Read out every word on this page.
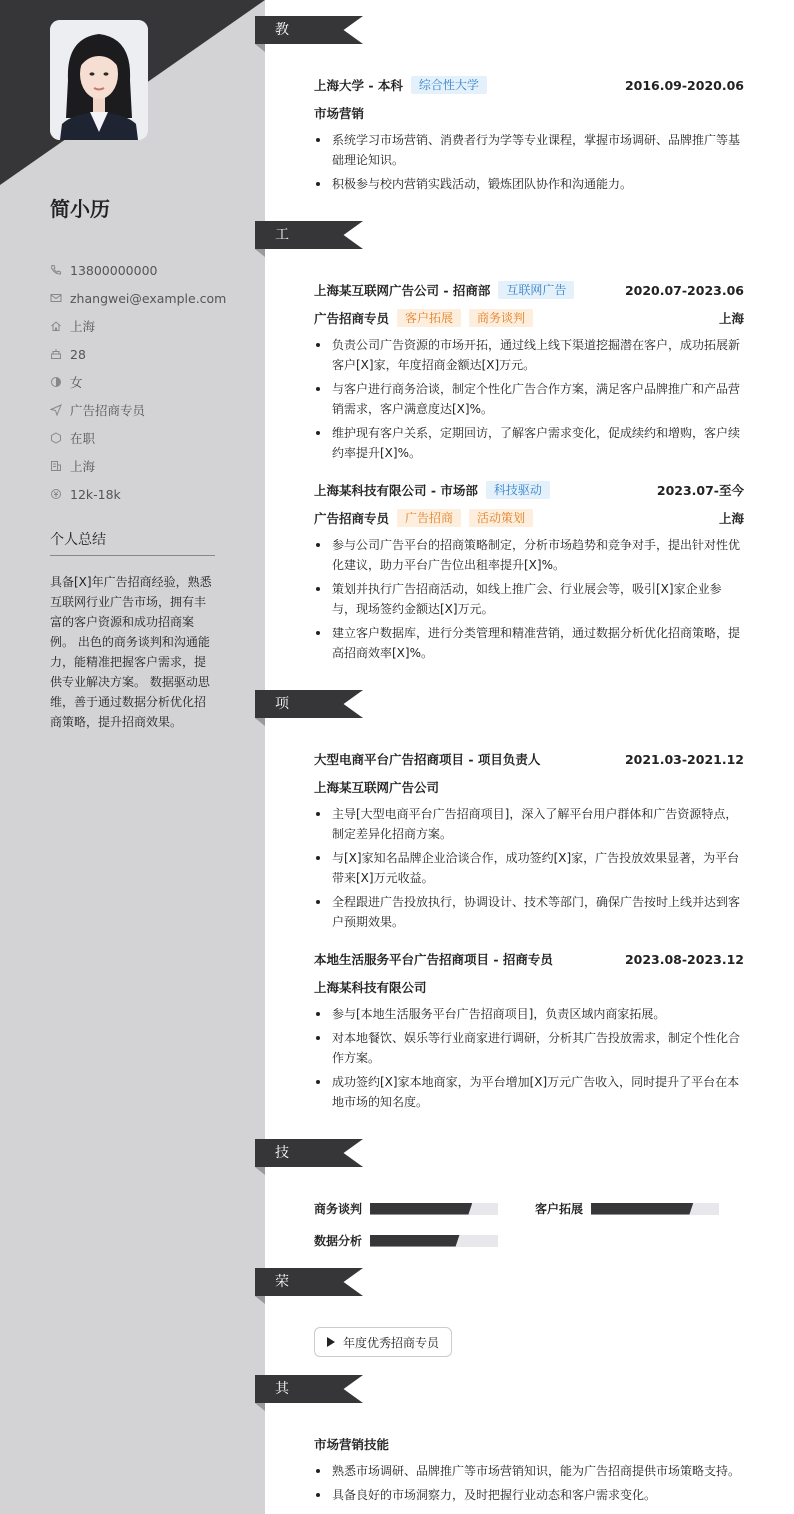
简小历
13800000000
zhangwei@example.com
上海
28
女
广告招商专员
在职
上海
12k-18k
个人总结
具备[X]年广告招商经验，熟悉互联网行业广告市场，拥有丰富的客户资源和成功招商案例。 出色的商务谈判和沟通能力，能精准把握客户需求，提供专业解决方案。 数据驱动思维，善于通过数据分析优化招商策略，提升招商效果。
教育经历
上海大学 - 本科	综合性大学	2016.09-2020.06
市场营销
系统学习市场营销、消费者行为学等专业课程，掌握市场调研、品牌推广等基础理论知识。
积极参与校内营销实践活动，锻炼团队协作和沟通能力。
工作经历
上海某互联网广告公司 - 招商部	互联网广告	2020.07-2023.06
广告招商专员	客户拓展	商务谈判	上海
负责公司广告资源的市场开拓，通过线上线下渠道挖掘潜在客户，成功拓展新客户[X]家，年度招商金额达[X]万元。
与客户进行商务洽谈，制定个性化广告合作方案，满足客户品牌推广和产品营销需求，客户满意度达[X]%。
维护现有客户关系，定期回访，了解客户需求变化，促成续约和增购，客户续约率提升[X]%。
上海某科技有限公司 - 市场部	科技驱动	2023.07-至今
广告招商专员	广告招商	活动策划	上海
参与公司广告平台的招商策略制定，分析市场趋势和竞争对手，提出针对性优化建议，助力平台广告位出租率提升[X]%。
策划并执行广告招商活动，如线上推广会、行业展会等，吸引[X]家企业参与，现场签约金额达[X]万元。
建立客户数据库，进行分类管理和精准营销，通过数据分析优化招商策略，提高招商效率[X]%。
项目经历
大型电商平台广告招商项目 - 项目负责人	2021.03-2021.12
上海某互联网广告公司
主导[大型电商平台广告招商项目]，深入了解平台用户群体和广告资源特点，制定差异化招商方案。
与[X]家知名品牌企业洽谈合作，成功签约[X]家，广告投放效果显著，为平台带来[X]万元收益。
全程跟进广告投放执行，协调设计、技术等部门，确保广告按时上线并达到客户预期效果。
本地生活服务平台广告招商项目 - 招商专员	2023.08-2023.12
上海某科技有限公司
参与[本地生活服务平台广告招商项目]，负责区域内商家拓展。
对本地餐饮、娱乐等行业商家进行调研，分析其广告投放需求，制定个性化合作方案。
成功签约[X]家本地商家，为平台增加[X]万元广告收入，同时提升了平台在本地市场的知名度。
技能专长
商务谈判	客户拓展
数据分析
荣誉奖项
年度优秀招商专员
其他信息
市场营销技能
熟悉市场调研、品牌推广等市场营销知识，能为广告招商提供市场策略支持。
具备良好的市场洞察力，及时把握行业动态和客户需求变化。
